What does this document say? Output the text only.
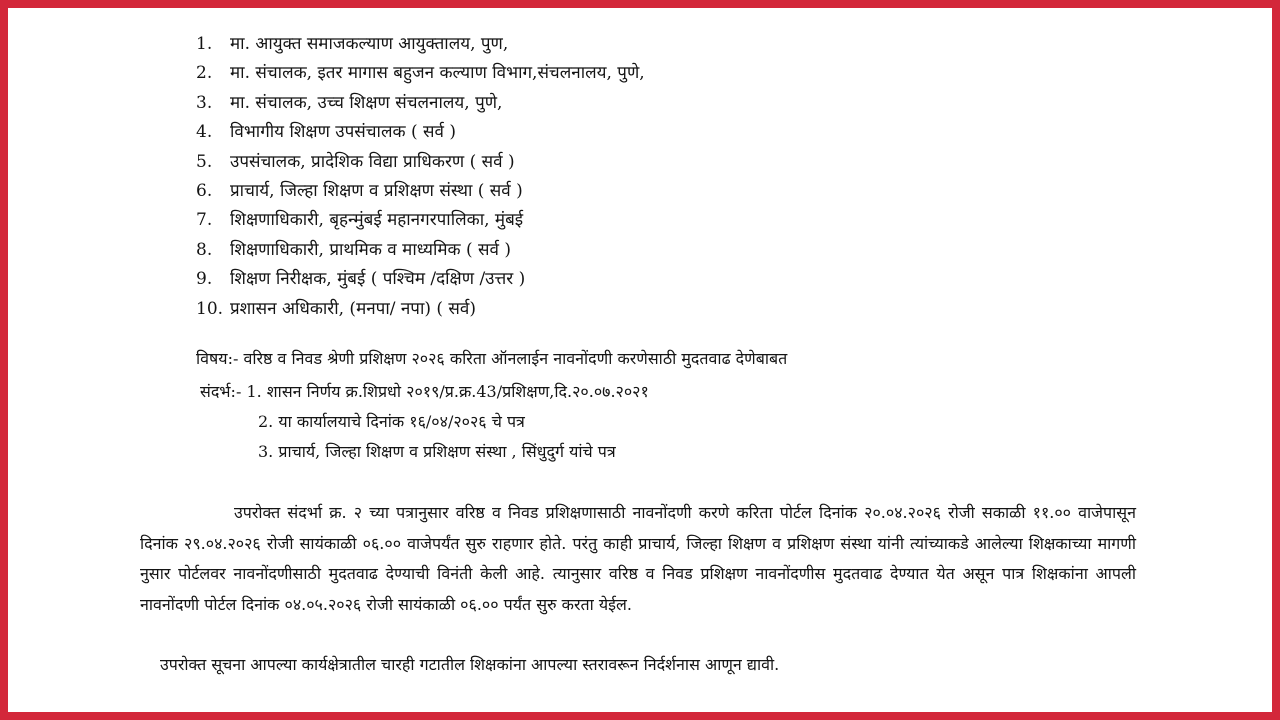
1. मा. आयुक्त समाजकल्याण आयुक्तालय, पुण,
2. मा. संचालक, इतर मागास बहुजन कल्याण विभाग,संचलनालय, पुणे,
3. मा. संचालक, उच्च शिक्षण संचलनालय, पुणे,
4. विभागीय शिक्षण उपसंचालक ( सर्व )
5. उपसंचालक, प्रादेशिक विद्या प्राधिकरण ( सर्व )
6. प्राचार्य, जिल्हा शिक्षण व प्रशिक्षण संस्था ( सर्व )
7. शिक्षणाधिकारी, बृहन्मुंबई महानगरपालिका, मुंबई
8. शिक्षणाधिकारी, प्राथमिक व माध्यमिक ( सर्व )
9. शिक्षण निरीक्षक, मुंबई ( पश्चिम /दक्षिण /उत्तर )
10. प्रशासन अधिकारी, (मनपा/ नपा) ( सर्व)
विषय:- वरिष्ठ व निवड श्रेणी प्रशिक्षण २०२६ करिता ऑनलाईन नावनोंदणी करणेसाठी मुदतवाढ देणेबाबत
संदर्भ:- 1. शासन निर्णय क्र.शिप्रधो २०१९/प्र.क्र.43/प्रशिक्षण,दि.२०.०७.२०२१
2. या कार्यालयाचे दिनांक १६/०४/२०२६ चे पत्र
3. प्राचार्य, जिल्हा शिक्षण व प्रशिक्षण संस्था , सिंधुदुर्ग यांचे पत्र

उपरोक्त संदर्भा क्र. २ च्या पत्रानुसार वरिष्ठ व निवड प्रशिक्षणासाठी नावनोंदणी करणे करिता पोर्टल दिनांक २०.०४.२०२६ रोजी सकाळी ११.०० वाजेपासून दिनांक २९.०४.२०२६ रोजी सायंकाळी ०६.०० वाजेपर्यंत सुरु राहणार होते. परंतु काही प्राचार्य, जिल्हा शिक्षण व प्रशिक्षण संस्था यांनी त्यांच्याकडे आलेल्या शिक्षकाच्या मागणी नुसार पोर्टलवर नावनोंदणीसाठी मुदतवाढ देण्याची विनंती केली आहे. त्यानुसार वरिष्ठ व निवड प्रशिक्षण नावनोंदणीस मुदतवाढ देण्यात येत असून पात्र शिक्षकांना आपली नावनोंदणी पोर्टल दिनांक ०४.०५.२०२६ रोजी सायंकाळी ०६.०० पर्यंत सुरु करता येईल.

उपरोक्त सूचना आपल्या कार्यक्षेत्रातील चारही गटातील शिक्षकांना आपल्या स्तरावरून निर्दर्शनास आणून द्यावी.
